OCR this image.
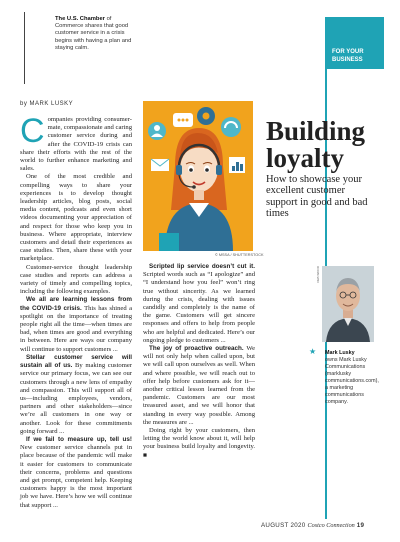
The U.S. Chamber of Commerce shares that good customer service in a crisis begins with having a plan and staying calm.
FOR YOUR BUSINESS
by MARK LUSKY

Companies providing consumer-mate, compassionate and caring customer service during and after the COVID-19 crisis can share their efforts with the rest of the world to further enhance marketing and sales.

One of the most credible and compelling ways to share your experiences is to develop thought leadership articles, blog posts, social media content, podcasts and even short videos documenting your appreciation of and respect for those who keep you in business. Where appropriate, interview customers and detail their experiences as case studies. Then, share these with your marketplace.

Customer-service thought leadership case studies and reports can address a variety of timely and compelling topics, including the following examples.

We all are learning lessons from the COVID-19 crisis. This has shined a spotlight on the importance of treating people right all the time—when times are bad, when times are good and everything in between. Here are ways our company will continue to support customers ...

Stellar customer service will sustain all of us. By making customer service our primary focus, we can see our customers through a new lens of empathy and compassion. This will support all of us—including employees, vendors, partners and other stakeholders—since we’re all customers in one way or another. Look for these commitments going forward ...

If we fail to measure up, tell us! New customer service channels put in place because of the pandemic will make it easier for customers to communicate their concerns, problems and questions and get prompt, competent help. Keeping customers happy is the most important job we have. Here’s how we will continue that support ...

© MSSA / SHUTTERSTOCK

Scripted lip service doesn’t cut it. Scripted words such as “I apologize” and “I understand how you feel” won’t ring true without sincerity. As we learned during the crisis, dealing with issues candidly and completely is the name of the game. Customers will get sincere responses and offers to help from people who are helpful and dedicated. Here’s our ongoing pledge to customers ...

The joy of proactive outreach. We will not only help when called upon, but we will call upon ourselves as well. When and where possible, we will reach out to offer help before customers ask for it—another critical lesson learned from the pandemic. Customers are our most treasured asset, and we will honor that standing in every way possible. Among the measures are ...

Doing right by your customers, then letting the world know about it, will help your business build loyalty and longevity. ■

Building loyalty
How to showcase your excellent customer support in good and bad times
DEB WOOD
★ Mark Lusky
owns Mark Lusky Communications (marklusky communications.com), a marketing communications company.
AUGUST 2020 Costco Connection 19
